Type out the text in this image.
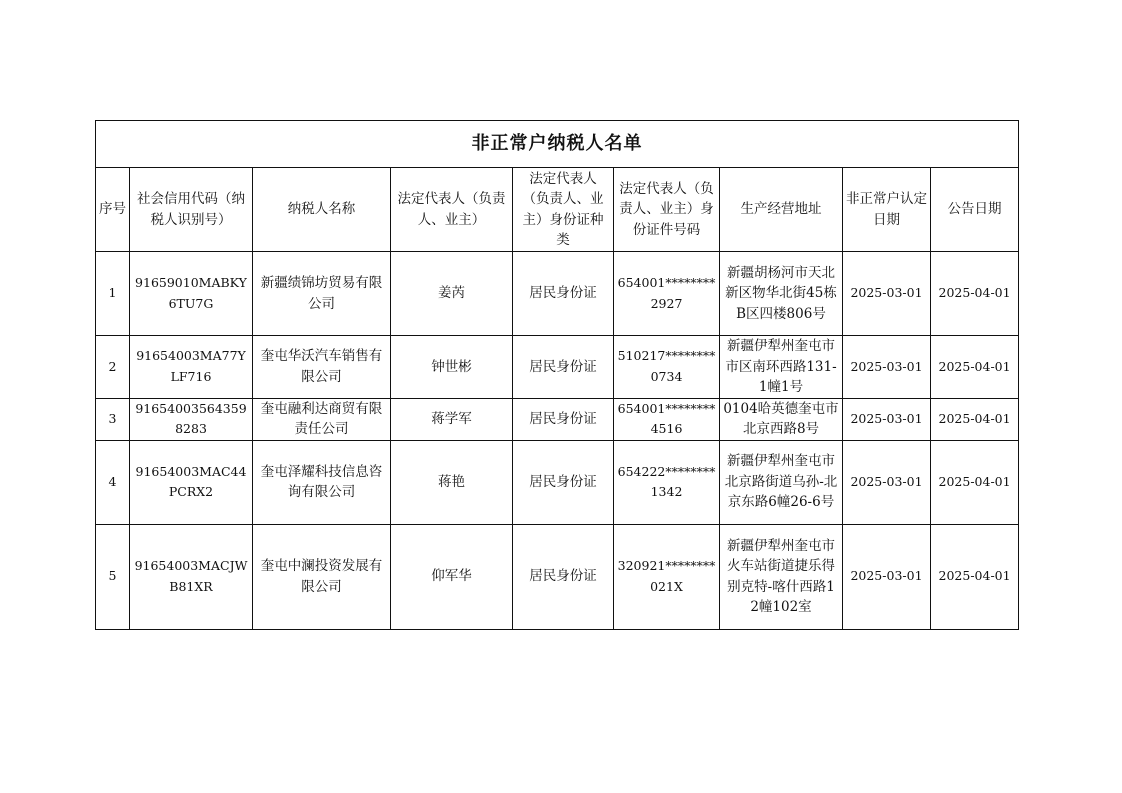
非正常户纳税人名单								
序号	社会信用代码（纳税人识别号）	纳税人名称	法定代表人（负责人、业主）	法定代表人（负责人、业主）身份证种类	法定代表人（负责人、业主）身份证件号码	生产经营地址	非正常户认定日期	公告日期
1	91659010MABKY6TU7G	新疆绩锦坊贸易有限公司	姜芮	居民身份证	654001********2927	新疆胡杨河市天北新区物华北街45栋B区四楼806号	2025-03-01	2025-04-01
2	91654003MA77YLF716	奎屯华沃汽车销售有限公司	钟世彬	居民身份证	510217********0734	新疆伊犁州奎屯市市区南环西路131-1幢1号	2025-03-01	2025-04-01
3	916540035643598283	奎屯融利达商贸有限责任公司	蒋学军	居民身份证	654001********4516	0104哈英德奎屯市北京西路8号	2025-03-01	2025-04-01
4	91654003MAC44PCRX2	奎屯泽耀科技信息咨询有限公司	蒋艳	居民身份证	654222********1342	新疆伊犁州奎屯市北京路街道乌孙-北京东路6幢26-6号	2025-03-01	2025-04-01
5	91654003MACJWB81XR	奎屯中澜投资发展有限公司	仰军华	居民身份证	320921********021X	新疆伊犁州奎屯市火车站街道捷乐得别克特-喀什西路12幢102室	2025-03-01	2025-04-01
